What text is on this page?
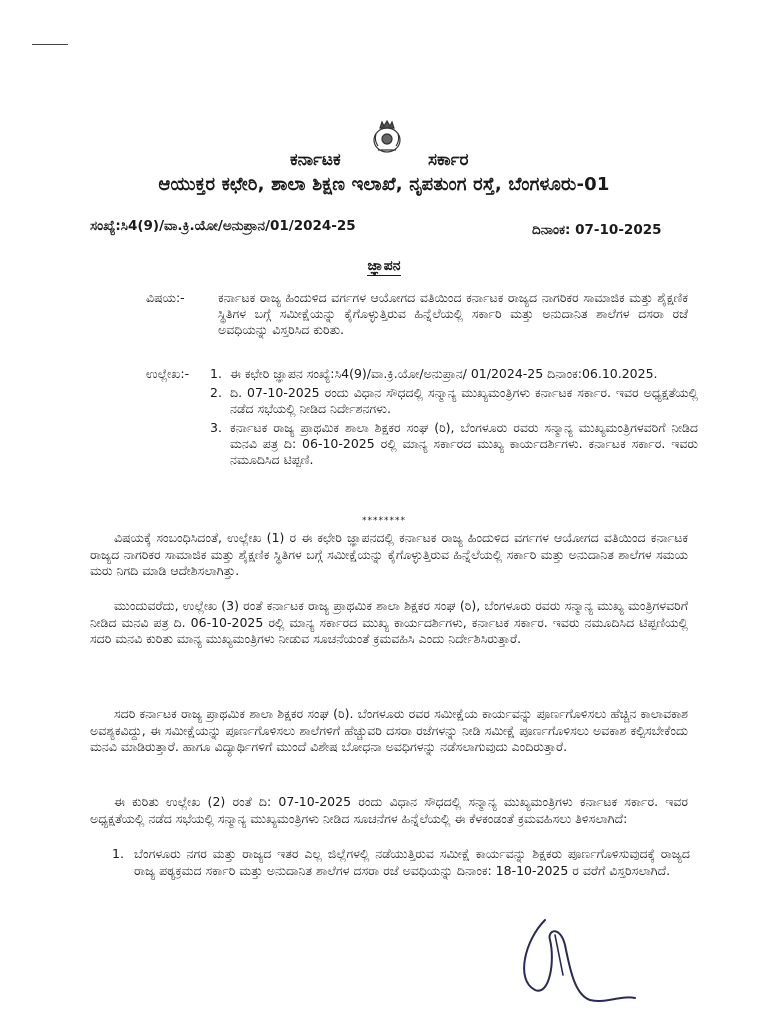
ಕರ್ನಾಟಕ	ಸರ್ಕಾರ
ಆಯುಕ್ತರ ಕಛೇರಿ, ಶಾಲಾ ಶಿಕ್ಷಣ ಇಲಾಖೆ, ನೃಪತುಂಗ ರಸ್ತೆ, ಬೆಂಗಳೂರು-01
ಸಂಖ್ಯೆ:ಸಿ4(9)/ವಾ.ಕ್ರಿ.ಯೋ/ಅನುಪ್ರಾನ/01/2024-25	ದಿನಾಂಕ: 07-10-2025
ಜ್ಞಾಪನ
ವಿಷಯ:-	ಕರ್ನಾಟಕ ರಾಜ್ಯ ಹಿಂದುಳಿದ ವರ್ಗಗಳ ಆಯೋಗದ ವತಿಯಿಂದ ಕರ್ನಾಟಕ ರಾಜ್ಯದ ನಾಗರಿಕರ ಸಾಮಾಜಿಕ ಮತ್ತು ಶೈಕ್ಷಣಿಕ ಸ್ಥಿತಿಗಳ ಬಗ್ಗೆ ಸಮೀಕ್ಷೆಯನ್ನು ಕೈಗೊಳ್ಳುತ್ತಿರುವ ಹಿನ್ನೆಲೆಯಲ್ಲಿ ಸರ್ಕಾರಿ ಮತ್ತು ಅನುದಾನಿತ ಶಾಲೆಗಳ ದಸರಾ ರಜೆ ಅವಧಿಯನ್ನು ವಿಸ್ತರಿಸಿದ ಕುರಿತು.
ಉಲ್ಲೇಖ:- 1. ಈ ಕಛೇರಿ ಜ್ಞಾಪನ ಸಂಖ್ಯೆ:ಸಿ4(9)/ವಾ.ಕ್ರಿ.ಯೋ/ಅನುಪ್ರಾನ/ 01/2024-25 ದಿನಾಂಕ:06.10.2025.
2. ದಿ. 07-10-2025 ರಂದು ವಿಧಾನ ಸೌಧದಲ್ಲಿ ಸನ್ಮಾನ್ಯ ಮುಖ್ಯಮಂತ್ರಿಗಳು ಕರ್ನಾಟಕ ಸರ್ಕಾರ. ಇವರ ಅಧ್ಯಕ್ಷತೆಯಲ್ಲಿ ನಡೆದ ಸಭೆಯಲ್ಲಿ ನೀಡಿದ ನಿರ್ದೇಶನಗಳು.
3. ಕರ್ನಾಟಕ ರಾಜ್ಯ ಪ್ರಾಥಮಿಕ ಶಾಲಾ ಶಿಕ್ಷಕರ ಸಂಘ (ರಿ), ಬೆಂಗಳೂರು ರವರು ಸನ್ಮಾನ್ಯ ಮುಖ್ಯಮಂತ್ರಿಗಳವರಿಗೆ ನೀಡಿದ ಮನವಿ ಪತ್ರ ದಿ: 06-10-2025 ರಲ್ಲಿ ಮಾನ್ಯ ಸರ್ಕಾರದ ಮುಖ್ಯ ಕಾರ್ಯದರ್ಶಿಗಳು. ಕರ್ನಾಟಕ ಸರ್ಕಾರ. ಇವರು ನಮೂದಿಸಿದ ಟಿಪ್ಪಣಿ.
********
ವಿಷಯಕ್ಕೆ ಸಂಬಂಧಿಸಿದಂತೆ, ಉಲ್ಲೇಖ (1) ರ ಈ ಕಛೇರಿ ಜ್ಞಾಪನದಲ್ಲಿ ಕರ್ನಾಟಕ ರಾಜ್ಯ ಹಿಂದುಳಿದ ವರ್ಗಗಳ ಆಯೋಗದ ವತಿಯಿಂದ ಕರ್ನಾಟಕ ರಾಜ್ಯದ ನಾಗರಿಕರ ಸಾಮಾಜಿಕ ಮತ್ತು ಶೈಕ್ಷಣಿಕ ಸ್ಥಿತಿಗಳ ಬಗ್ಗೆ ಸಮೀಕ್ಷೆಯನ್ನು ಕೈಗೊಳ್ಳುತ್ತಿರುವ ಹಿನ್ನೆಲೆಯಲ್ಲಿ ಸರ್ಕಾರಿ ಮತ್ತು ಅನುದಾನಿತ ಶಾಲೆಗಳ ಸಮಯ ಮರು ನಿಗದಿ ಮಾಡಿ ಆದೇಶಿಸಲಾಗಿತ್ತು.
ಮುಂದುವರೆದು, ಉಲ್ಲೇಖ (3) ರಂತೆ ಕರ್ನಾಟಕ ರಾಜ್ಯ ಪ್ರಾಥಮಿಕ ಶಾಲಾ ಶಿಕ್ಷಕರ ಸಂಘ (ರಿ), ಬೆಂಗಳೂರು ರವರು ಸನ್ಮಾನ್ಯ ಮುಖ್ಯ ಮಂತ್ರಿಗಳವರಿಗೆ ನೀಡಿದ ಮನವಿ ಪತ್ರ ದಿ. 06-10-2025 ರಲ್ಲಿ ಮಾನ್ಯ ಸರ್ಕಾರದ ಮುಖ್ಯ ಕಾರ್ಯದರ್ಶಿಗಳು, ಕರ್ನಾಟಕ ಸರ್ಕಾರ. ಇವರು ನಮೂದಿಸಿದ ಟಿಪ್ಪಣಿಯಲ್ಲಿ ಸದರಿ ಮನವಿ ಕುರಿತು ಮಾನ್ಯ ಮುಖ್ಯಮಂತ್ರಿಗಳು ನೀಡುವ ಸೂಚನೆಯಂತೆ ಕ್ರಮವಹಿಸಿ ಎಂದು ನಿರ್ದೇಶಿಸಿರುತ್ತಾರೆ.
ಸದರಿ ಕರ್ನಾಟಕ ರಾಜ್ಯ ಪ್ರಾಥಮಿಕ ಶಾಲಾ ಶಿಕ್ಷಕರ ಸಂಘ (ರಿ). ಬೆಂಗಳೂರು ರವರ ಸಮೀಕ್ಷೆಯ ಕಾರ್ಯವನ್ನು ಪೂರ್ಣಗೊಳಿಸಲು ಹೆಚ್ಚಿನ ಕಾಲಾವಕಾಶ ಅವಶ್ಯಕವಿದ್ದು, ಈ ಸಮೀಕ್ಷೆಯನ್ನು ಪೂರ್ಣಗೊಳಿಸಲು ಶಾಲೆಗಳಿಗೆ ಹೆಚ್ಚುವರಿ ದಸರಾ ರಜೆಗಳನ್ನು ನೀಡಿ ಸಮೀಕ್ಷೆ ಪೂರ್ಣಗೊಳಿಸಲು ಅವಕಾಶ ಕಲ್ಪಿಸಬೇಕೆಂದು ಮನವಿ ಮಾಡಿರುತ್ತಾರೆ. ಹಾಗೂ ವಿದ್ಯಾರ್ಥಿಗಳಿಗೆ ಮುಂದೆ ವಿಶೇಷ ಬೋಧನಾ ಅವಧಿಗಳನ್ನು ನಡೆಸಲಾಗುವುದು ಎಂದಿರುತ್ತಾರೆ.
ಈ ಕುರಿತು ಉಲ್ಲೇಖ (2) ರಂತೆ ದಿ: 07-10-2025 ರಂದು ವಿಧಾನ ಸೌಧದಲ್ಲಿ ಸನ್ಮಾನ್ಯ ಮುಖ್ಯಮಂತ್ರಿಗಳು ಕರ್ನಾಟಕ ಸರ್ಕಾರ. ಇವರ ಅಧ್ಯಕ್ಷತೆಯಲ್ಲಿ ನಡೆದ ಸಭೆಯಲ್ಲಿ ಸನ್ಮಾನ್ಯ ಮುಖ್ಯಮಂತ್ರಿಗಳು ನೀಡಿದ ಸೂಚನೆಗಳ ಹಿನ್ನೆಲೆಯಲ್ಲಿ ಈ ಕೆಳಕಂಡಂತೆ ಕ್ರಮವಹಿಸಲು ತಿಳಿಸಲಾಗಿದೆ:
1. ಬೆಂಗಳೂರು ನಗರ ಮತ್ತು ರಾಜ್ಯದ ಇತರ ಎಲ್ಲ ಜಿಲ್ಲೆಗಳಲ್ಲಿ ನಡೆಯುತ್ತಿರುವ ಸಮೀಕ್ಷೆ ಕಾರ್ಯವನ್ನು ಶಿಕ್ಷಕರು ಪೂರ್ಣಗೊಳಿಸುವುದಕ್ಕೆ ರಾಜ್ಯದ ರಾಜ್ಯ ಪಠ್ಯಕ್ರಮದ ಸರ್ಕಾರಿ ಮತ್ತು ಅನುದಾನಿತ ಶಾಲೆಗಳ ದಸರಾ ರಜೆ ಅವಧಿಯನ್ನು ದಿನಾಂಕ: 18-10-2025 ರ ವರೆಗೆ ವಿಸ್ತರಿಸಲಾಗಿದೆ.
